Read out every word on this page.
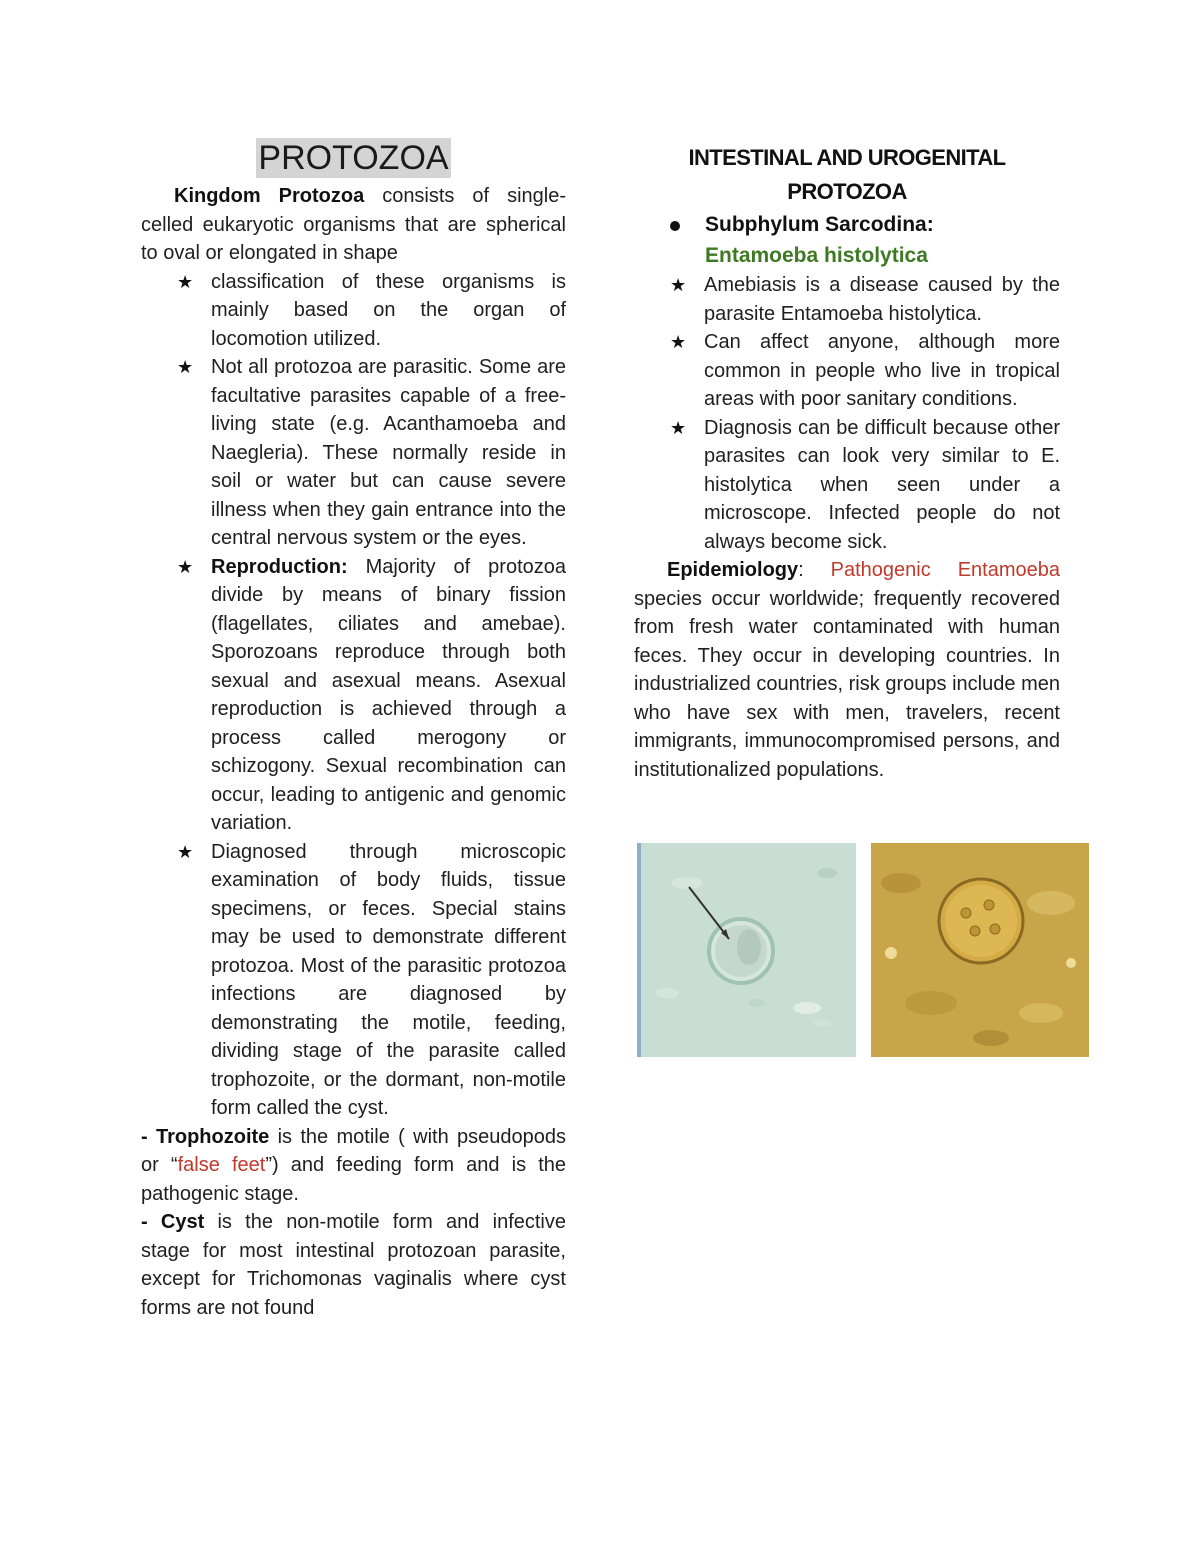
PROTOZOA

Kingdom Protozoa consists of single-celled eukaryotic organisms that are spherical to oval or elongated in shape

★ classification of these organisms is mainly based on the organ of locomotion utilized.
★ Not all protozoa are parasitic. Some are facultative parasites capable of a free-living state (e.g. Acanthamoeba and Naegleria). These normally reside in soil or water but can cause severe illness when they gain entrance into the central nervous system or the eyes.
★ Reproduction: Majority of protozoa divide by means of binary fission (flagellates, ciliates and amebae). Sporozoans reproduce through both sexual and asexual means. Asexual reproduction is achieved through a process called merogony or schizogony. Sexual recombination can occur, leading to antigenic and genomic variation.
★ Diagnosed through microscopic examination of body fluids, tissue specimens, or feces. Special stains may be used to demonstrate different protozoa. Most of the parasitic protozoa infections are diagnosed by demonstrating the motile, feeding, dividing stage of the parasite called trophozoite, or the dormant, non-motile form called the cyst.

- Trophozoite is the motile ( with pseudopods or “false feet”) and feeding form and is the pathogenic stage.

- Cyst is the non-motile form and infective stage for most intestinal protozoan parasite, except for Trichomonas vaginalis where cyst forms are not found

INTESTINAL AND UROGENITAL
PROTOZOA
Subphylum Sarcodina:
Entamoeba histolytica
★ Amebiasis is a disease caused by the parasite Entamoeba histolytica.
★ Can affect anyone, although more common in people who live in tropical areas with poor sanitary conditions.
★ Diagnosis can be difficult because other parasites can look very similar to E. histolytica when seen under a microscope. Infected people do not always become sick.

Epidemiology: Pathogenic Entamoeba species occur worldwide; frequently recovered from fresh water contaminated with human feces. They occur in developing countries. In industrialized countries, risk groups include men who have sex with men, travelers, recent immigrants, immunocompromised persons, and institutionalized populations.
